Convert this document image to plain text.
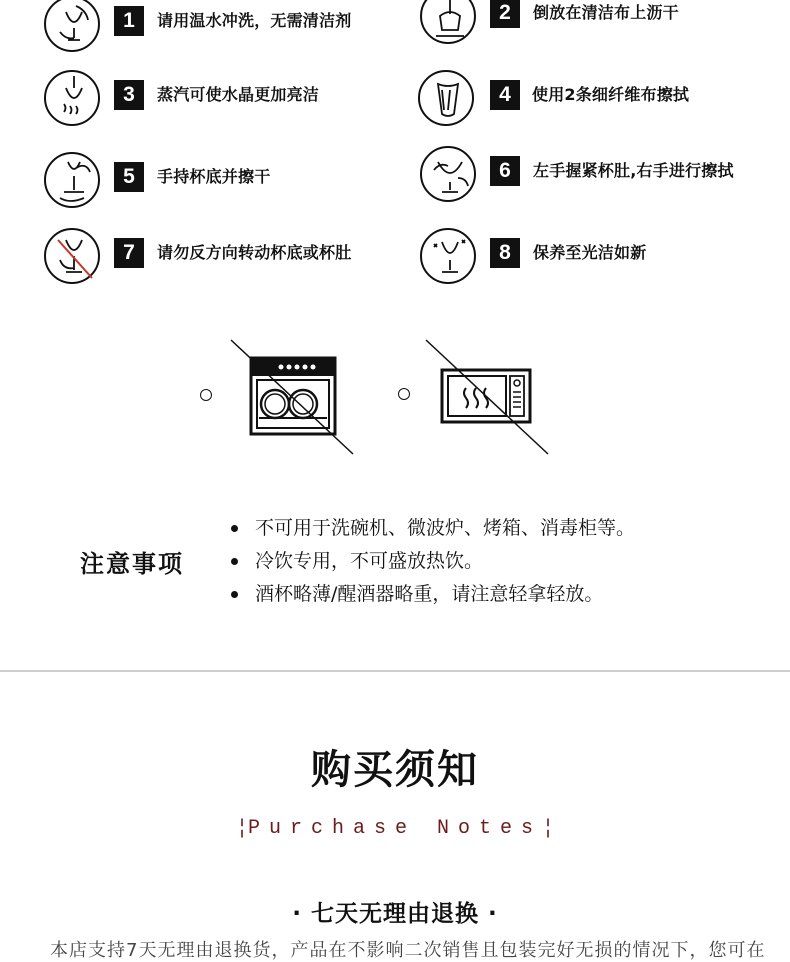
1	请用温水冲洗，无需清洁剂	2	倒放在清洁布上沥干
3	蒸汽可使水晶更加亮洁	4	使用2条细纤维布擦拭
5	手持杯底并擦干	6	左手握紧杯肚,右手进行擦拭
7	请勿反方向转动杯底或杯肚	8	保养至光洁如新
注意事项
不可用于洗碗机、微波炉、烤箱、消毒柜等。
冷饮专用，不可盛放热饮。
酒杯略薄/醒酒器略重，请注意轻拿轻放。
购买须知
¦Purchase Notes¦
· 七天无理由退换 ·
本店支持7天无理由退换货，产品在不影响二次销售且包装完好无损的情况下，您可在
